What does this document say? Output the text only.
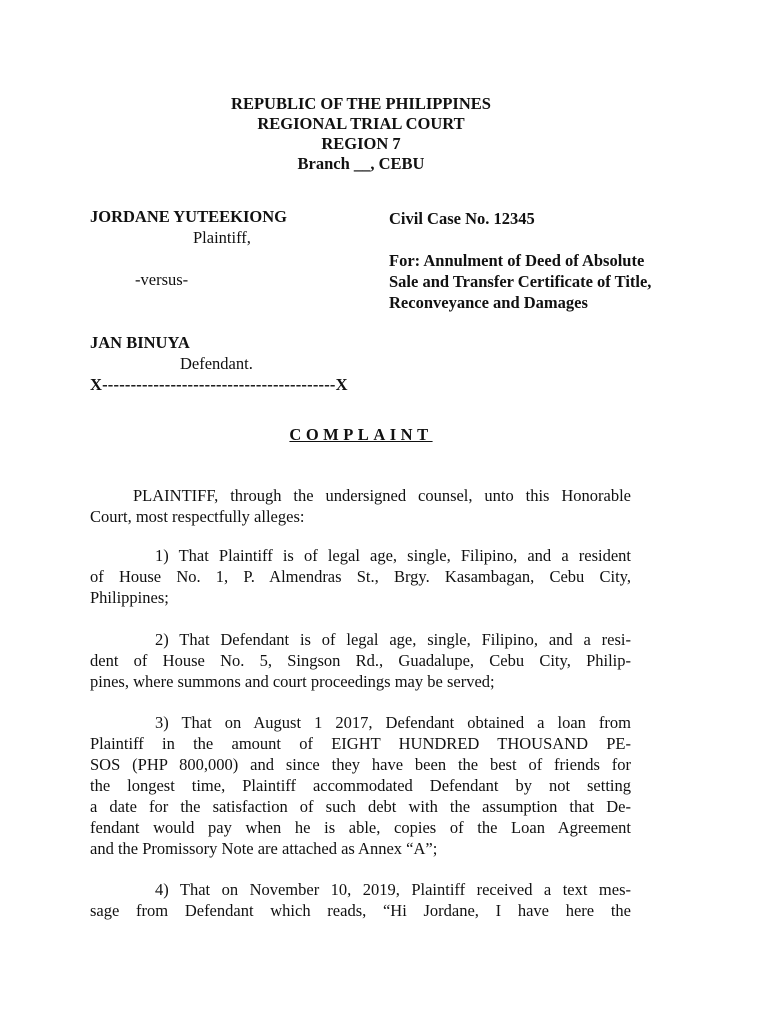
REPUBLIC OF THE PHILIPPINES
REGIONAL TRIAL COURT
REGION 7
Branch __, CEBU
JORDANE YUTEEKIONG
Plaintiff,
-versus-
JAN BINUYA
Defendant.
X-----------------------------------------X
Civil Case No. 12345
For: Annulment of Deed of Absolute
Sale and Transfer Certificate of Title,
Reconveyance and Damages
COMPLAINT
PLAINTIFF, through the undersigned counsel, unto this Honorable
Court, most respectfully alleges:
1) That Plaintiff is of legal age, single, Filipino, and a resident
of House No. 1, P. Almendras St., Brgy. Kasambagan, Cebu City,
Philippines;
2) That Defendant is of legal age, single, Filipino, and a resi-
dent of House No. 5, Singson Rd., Guadalupe, Cebu City, Philip-
pines, where summons and court proceedings may be served;
3) That on August 1 2017, Defendant obtained a loan from
Plaintiff in the amount of EIGHT HUNDRED THOUSAND PE-
SOS (PHP 800,000) and since they have been the best of friends for
the longest time, Plaintiff accommodated Defendant by not setting
a date for the satisfaction of such debt with the assumption that De-
fendant would pay when he is able, copies of the Loan Agreement
and the Promissory Note are attached as Annex “A”;
4) That on November 10, 2019, Plaintiff received a text mes-
sage from Defendant which reads, “Hi Jordane, I have here the
